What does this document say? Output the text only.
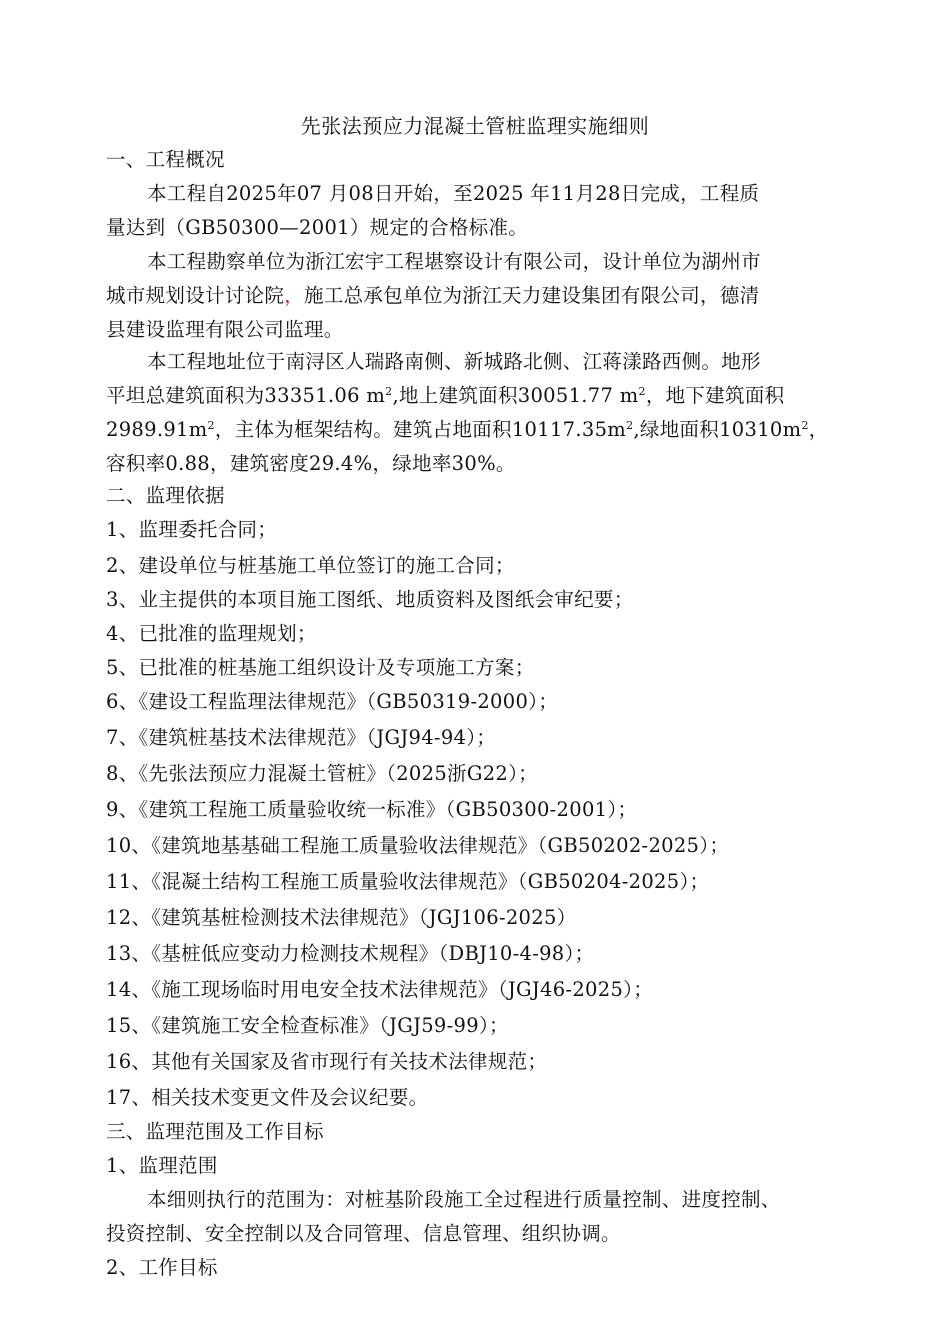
先张法预应力混凝土管桩监理实施细则
一、工程概况
本工程自2025年07 月08日开始，至2025 年11月28日完成，工程质
量达到（GB50300—2001）规定的合格标准。
本工程勘察单位为浙江宏宇工程堪察设计有限公司，设计单位为湖州市
城市规划设计讨论院，施工总承包单位为浙江天力建设集团有限公司，德清
县建设监理有限公司监理。
本工程地址位于南浔区人瑞路南侧、新城路北侧、江蒋漾路西侧。地形
平坦总建筑面积为33351.06 $m^2$,地上建筑面积30051.77 $m^2$，地下建筑面积
$2989.91m^2$，主体为框架结构。建筑占地面积$10117.35m^2$,绿地面积$10310m^2$，
容积率0.88，建筑密度29.4%，绿地率30%。
二、监理依据
1、监理委托合同；
2、建设单位与桩基施工单位签订的施工合同；
3、业主提供的本项目施工图纸、地质资料及图纸会审纪要；
4、已批准的监理规划；
5、已批准的桩基施工组织设计及专项施工方案；
6、《建设工程监理法律规范》（GB50319-2000）；
7、《建筑桩基技术法律规范》（JGJ94-94）；
8、《先张法预应力混凝土管桩》（2025浙G22）；
9、《建筑工程施工质量验收统一标准》（GB50300-2001）；
10、《建筑地基基础工程施工质量验收法律规范》（GB50202-2025）；
11、《混凝土结构工程施工质量验收法律规范》（GB50204-2025）；
12、《建筑基桩检测技术法律规范》（JGJ106-2025）
13、《基桩低应变动力检测技术规程》（DBJ10-4-98）；
14、《施工现场临时用电安全技术法律规范》（JGJ46-2025）；
15、《建筑施工安全检查标准》（JGJ59-99）；
16、其他有关国家及省市现行有关技术法律规范；
17、相关技术变更文件及会议纪要。
三、监理范围及工作目标
1、监理范围
本细则执行的范围为：对桩基阶段施工全过程进行质量控制、进度控制、
投资控制、安全控制以及合同管理、信息管理、组织协调。
2、工作目标
